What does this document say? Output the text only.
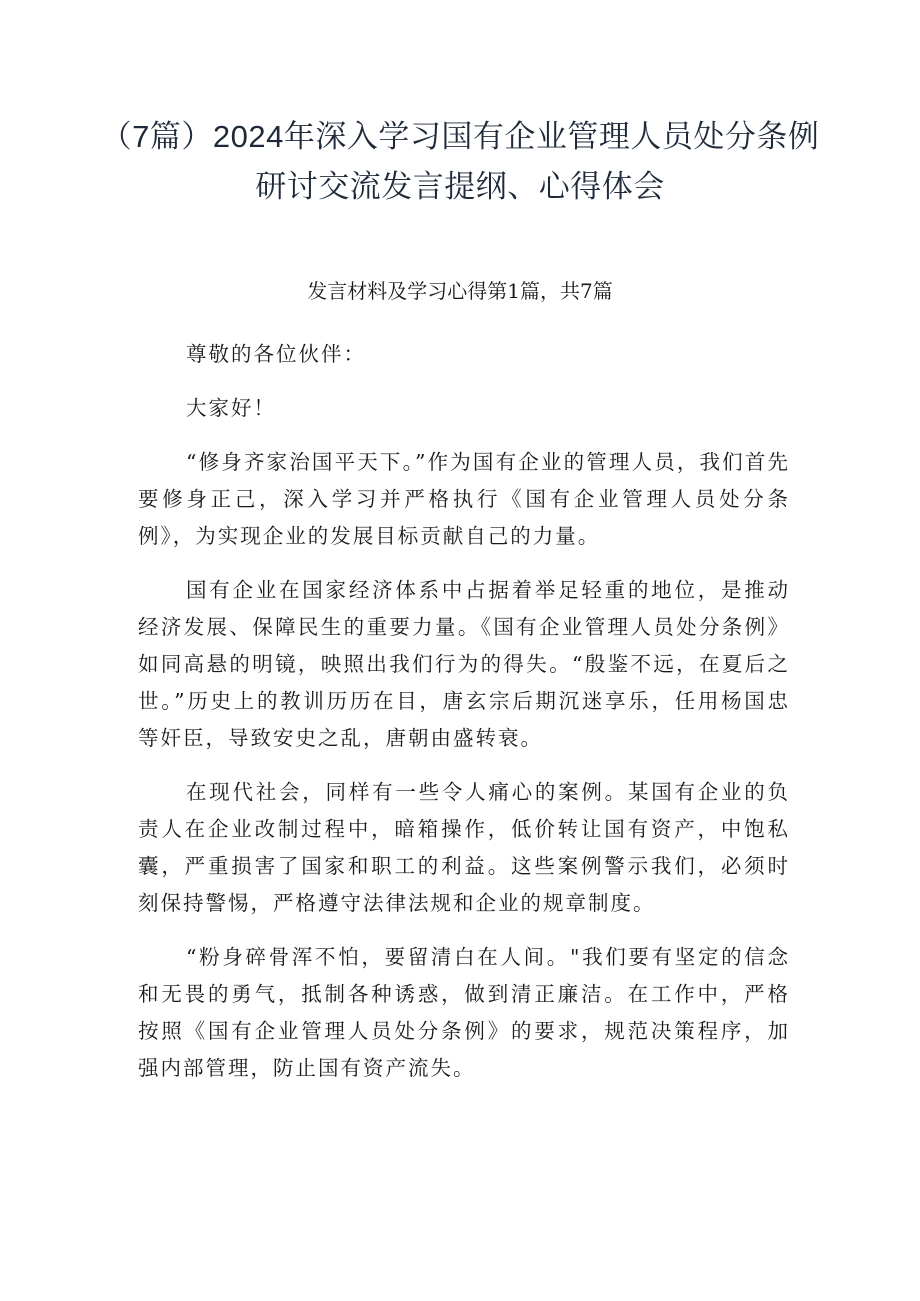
（7篇）2024年深入学习国有企业管理人员处分条例研讨交流发言提纲、心得体会
发言材料及学习心得第1篇，共7篇

尊敬的各位伙伴：

大家好！

“修身齐家治国平天下。”作为国有企业的管理人员，我们首先要修身正己，深入学习并严格执行《国有企业管理人员处分条例》，为实现企业的发展目标贡献自己的力量。

国有企业在国家经济体系中占据着举足轻重的地位，是推动经济发展、保障民生的重要力量。《国有企业管理人员处分条例》如同高悬的明镜，映照出我们行为的得失。“殷鉴不远，在夏后之世。”历史上的教训历历在目，唐玄宗后期沉迷享乐，任用杨国忠等奸臣，导致安史之乱，唐朝由盛转衰。

在现代社会，同样有一些令人痛心的案例。某国有企业的负责人在企业改制过程中，暗箱操作，低价转让国有资产，中饱私囊，严重损害了国家和职工的利益。这些案例警示我们，必须时刻保持警惕，严格遵守法律法规和企业的规章制度。

“粉身碎骨浑不怕，要留清白在人间。"我们要有坚定的信念和无畏的勇气，抵制各种诱惑，做到清正廉洁。在工作中，严格按照《国有企业管理人员处分条例》的要求，规范决策程序，加强内部管理，防止国有资产流失。
